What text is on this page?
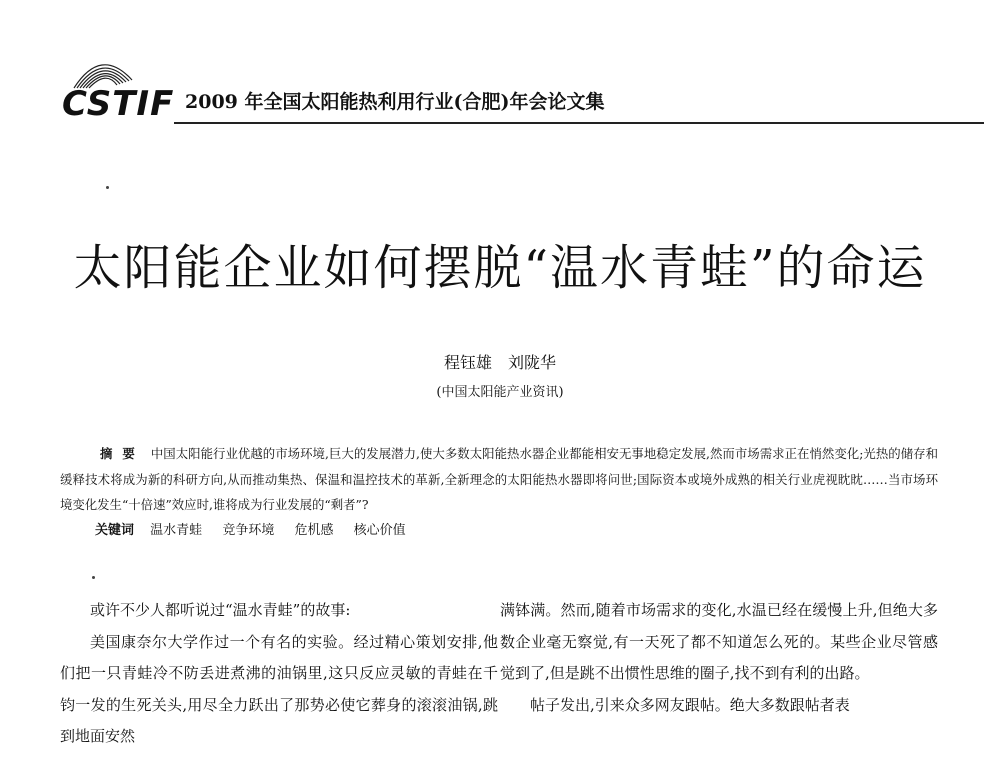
CSTIF 2009 年全国太阳能热利用行业(合肥)年会论文集
太阳能企业如何摆脱“温水青蛙”的命运
程钰雄　刘陇华
(中国太阳能产业资讯)
摘要 中国太阳能行业优越的市场环境,巨大的发展潜力,使大多数太阳能热水器企业都能相安无事地稳定发展,然而市场需求正在悄然变化;光热的储存和缓释技术将成为新的科研方向,从而推动集热、保温和温控技术的革新,全新理念的太阳能热水器即将问世;国际资本或境外成熟的相关行业虎视眈眈……当市场环境变化发生“十倍速”效应时,谁将成为行业发展的“剩者”?
关键词 温水青蛙 竞争环境 危机感 核心价值

或许不少人都听说过“温水青蛙”的故事:

美国康奈尔大学作过一个有名的实验。经过精心策划安排,他们把一只青蛙冷不防丢进煮沸的油锅里,这只反应灵敏的青蛙在千钧一发的生死关头,用尽全力跃出了那势必使它葬身的滚滚油锅,跳到地面安然

满钵满。然而,随着市场需求的变化,水温已经在缓慢上升,但绝大多数企业毫无察觉,有一天死了都不知道怎么死的。某些企业尽管感觉到了,但是跳不出惯性思维的圈子,找不到有利的出路。

帖子发出,引来众多网友跟帖。绝大多数跟帖者表
